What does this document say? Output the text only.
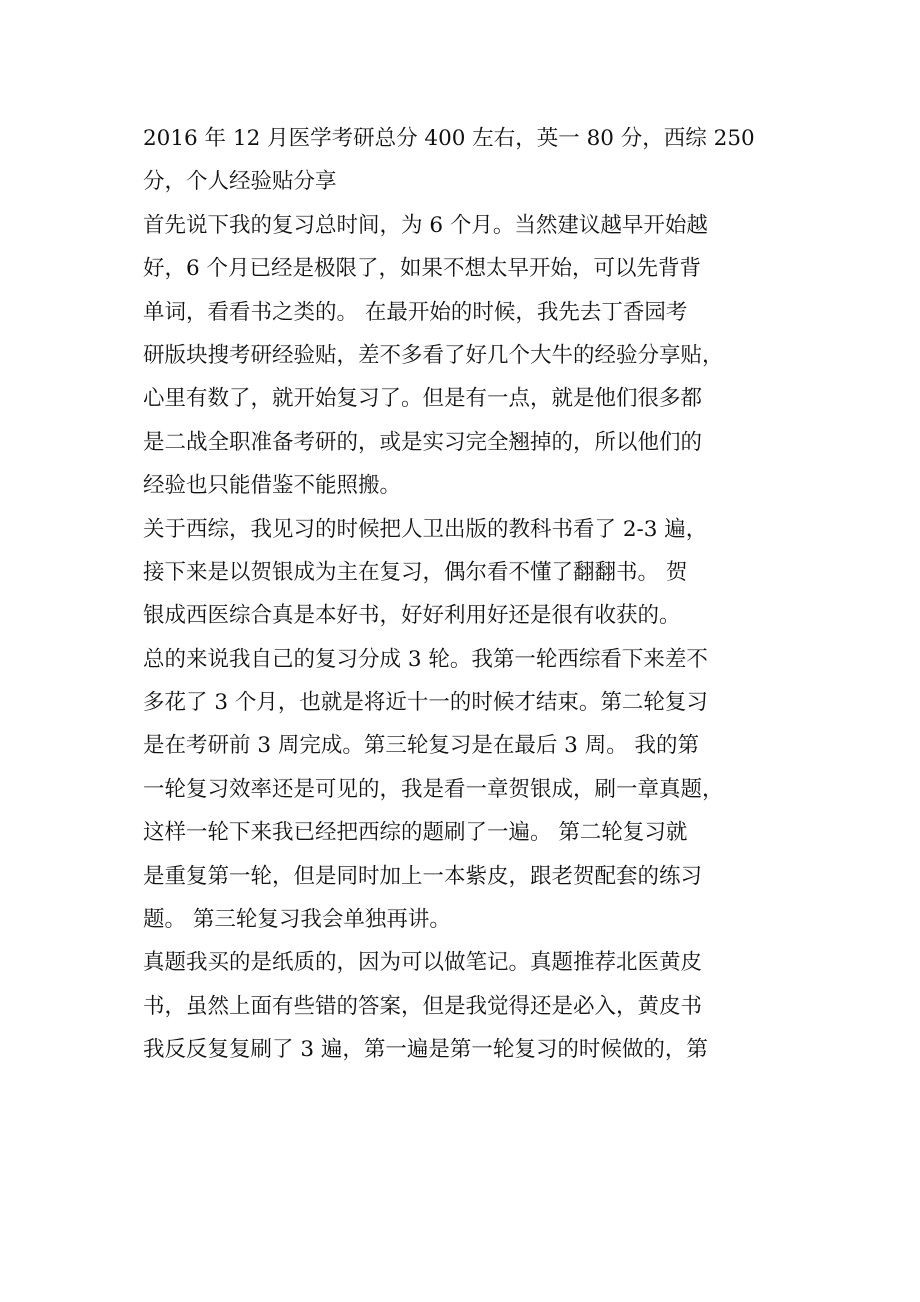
2016 年 12 月医学考研总分 400 左右，英一 80 分，西综 250
分，个人经验贴分享
首先说下我的复习总时间，为 6 个月。当然建议越早开始越
好，6 个月已经是极限了，如果不想太早开始，可以先背背
单词，看看书之类的。 在最开始的时候，我先去丁香园考
研版块搜考研经验贴，差不多看了好几个大牛的经验分享贴，
心里有数了，就开始复习了。但是有一点，就是他们很多都
是二战全职准备考研的，或是实习完全翘掉的，所以他们的
经验也只能借鉴不能照搬。
关于西综，我见习的时候把人卫出版的教科书看了 2-3 遍，
接下来是以贺银成为主在复习，偶尔看不懂了翻翻书。 贺
银成西医综合真是本好书，好好利用好还是很有收获的。
总的来说我自己的复习分成 3 轮。我第一轮西综看下来差不
多花了 3 个月，也就是将近十一的时候才结束。第二轮复习
是在考研前 3 周完成。第三轮复习是在最后 3 周。 我的第
一轮复习效率还是可见的，我是看一章贺银成，刷一章真题，
这样一轮下来我已经把西综的题刷了一遍。 第二轮复习就
是重复第一轮，但是同时加上一本紫皮，跟老贺配套的练习
题。 第三轮复习我会单独再讲。
真题我买的是纸质的，因为可以做笔记。真题推荐北医黄皮
书，虽然上面有些错的答案，但是我觉得还是必入，黄皮书
我反反复复刷了 3 遍，第一遍是第一轮复习的时候做的，第
